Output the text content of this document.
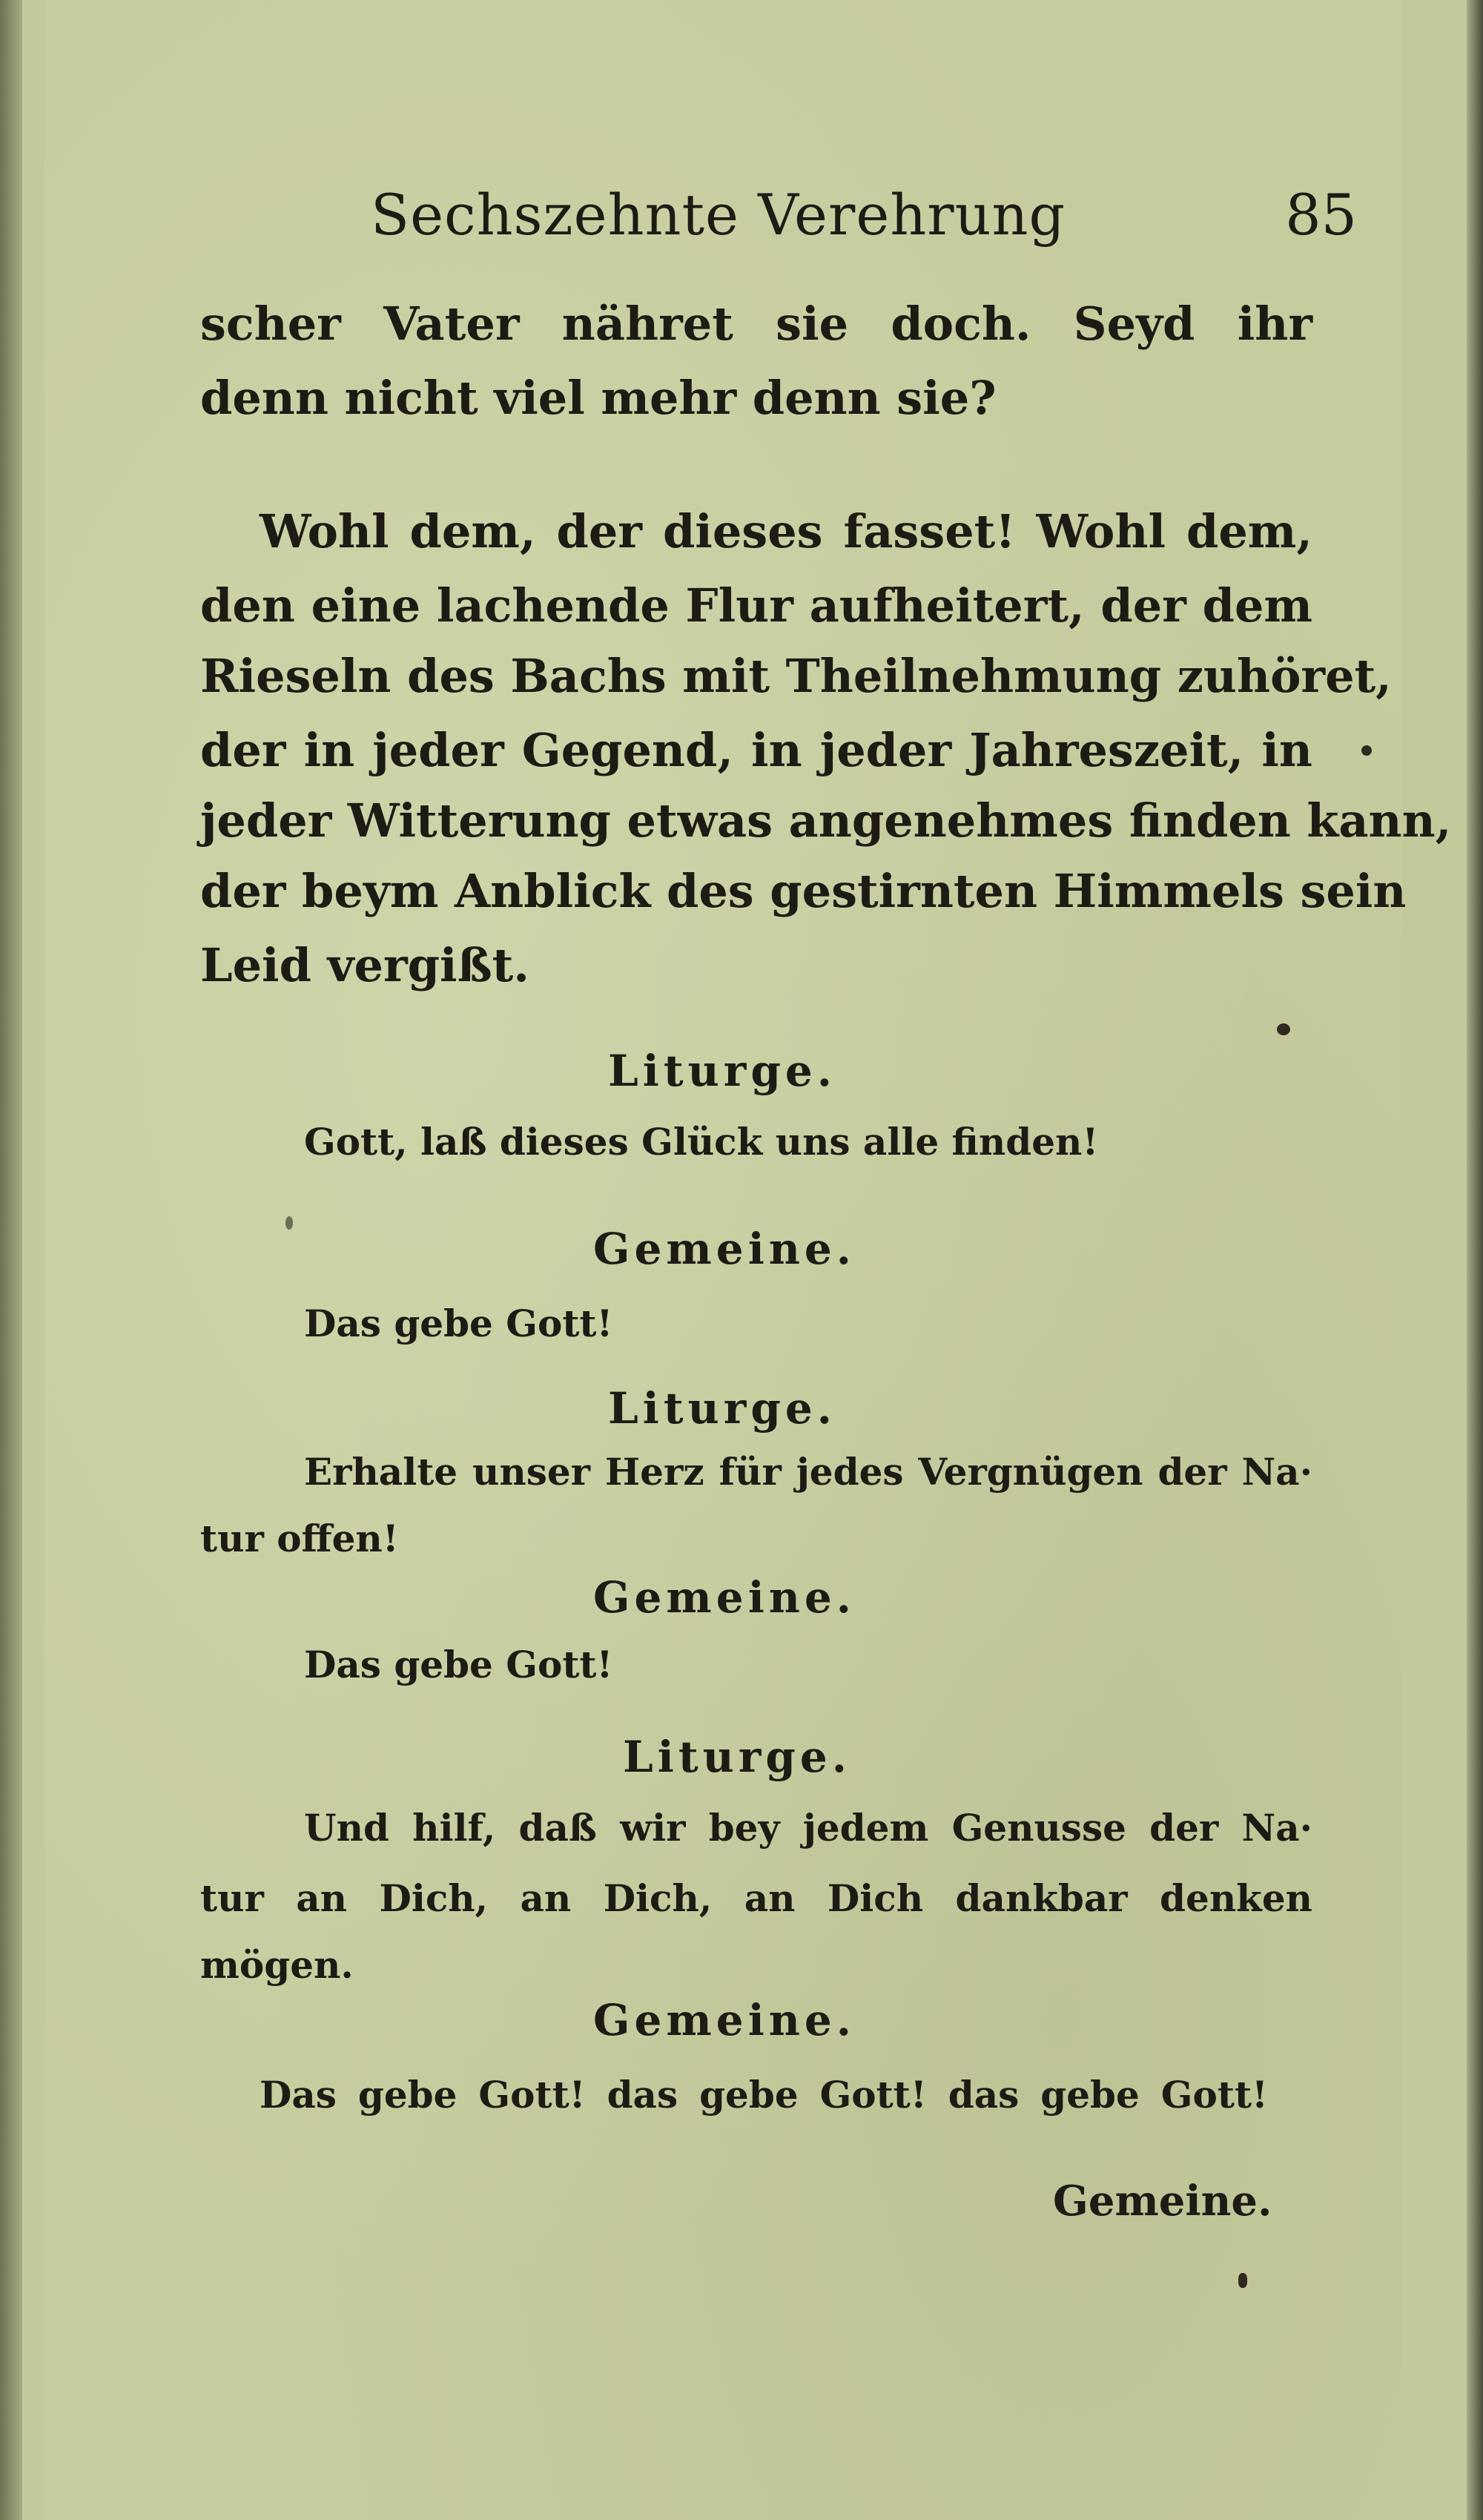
Sechszehnte Verehrung	85
scher Vater nähret sie doch. Seyd ihr
denn nicht viel mehr denn sie?
Wohl dem, der dieses fasset! Wohl dem,
den eine lachende Flur aufheitert, der dem
Rieseln des Bachs mit Theilnehmung zuhöret,
der in jeder Gegend, in jeder Jahreszeit, in
jeder Witterung etwas angenehmes finden kann,
der beym Anblick des gestirnten Himmels sein
Leid vergißt.
Liturge.
Gott, laß dieses Glück uns alle finden!
Gemeine.
Das gebe Gott!
Liturge.
Erhalte unser Herz für jedes Vergnügen der Na·
tur offen!
Gemeine.
Das gebe Gott!
Liturge.
Und hilf, daß wir bey jedem Genusse der Na·
tur an Dich, an Dich, an Dich dankbar denken
mögen.
Gemeine.
Das gebe Gott! das gebe Gott! das gebe Gott!
Gemeine.
